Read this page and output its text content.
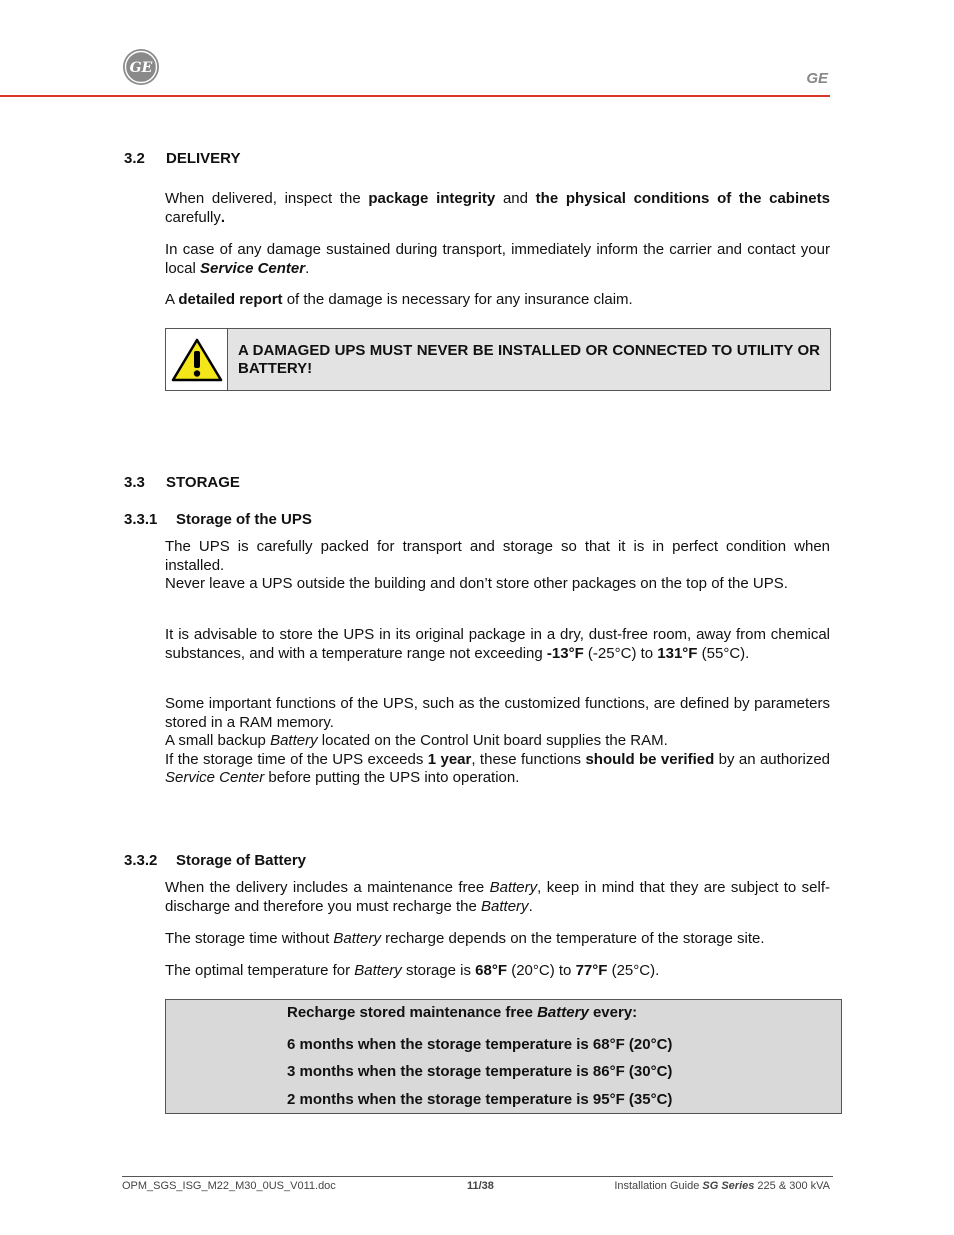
GE
GE
3.2 DELIVERY
When delivered, inspect the package integrity and the physical conditions of the cabinets carefully.
In case of any damage sustained during transport, immediately inform the carrier and contact your local Service Center.
A detailed report of the damage is necessary for any insurance claim.
A DAMAGED UPS MUST NEVER BE INSTALLED OR CONNECTED TO UTILITY OR BATTERY!
3.3 STORAGE
3.3.1 Storage of the UPS
The UPS is carefully packed for transport and storage so that it is in perfect condition when installed.
Never leave a UPS outside the building and don’t store other packages on the top of the UPS.
It is advisable to store the UPS in its original package in a dry, dust-free room, away from chemical substances, and with a temperature range not exceeding -13°F (-25°C) to 131°F (55°C).
Some important functions of the UPS, such as the customized functions, are defined by parameters stored in a RAM memory.
A small backup Battery located on the Control Unit board supplies the RAM.
If the storage time of the UPS exceeds 1 year, these functions should be verified by an authorized Service Center before putting the UPS into operation.
3.3.2 Storage of Battery
When the delivery includes a maintenance free Battery, keep in mind that they are subject to self-discharge and therefore you must recharge the Battery.
The storage time without Battery recharge depends on the temperature of the storage site.
The optimal temperature for Battery storage is 68°F (20°C) to 77°F (25°C).
Recharge stored maintenance free Battery every:
6 months when the storage temperature is 68°F (20°C)
3 months when the storage temperature is 86°F (30°C)
2 months when the storage temperature is 95°F (35°C)
OPM_SGS_ISG_M22_M30_0US_V011.doc	11/38	Installation Guide SG Series 225 & 300 kVA
